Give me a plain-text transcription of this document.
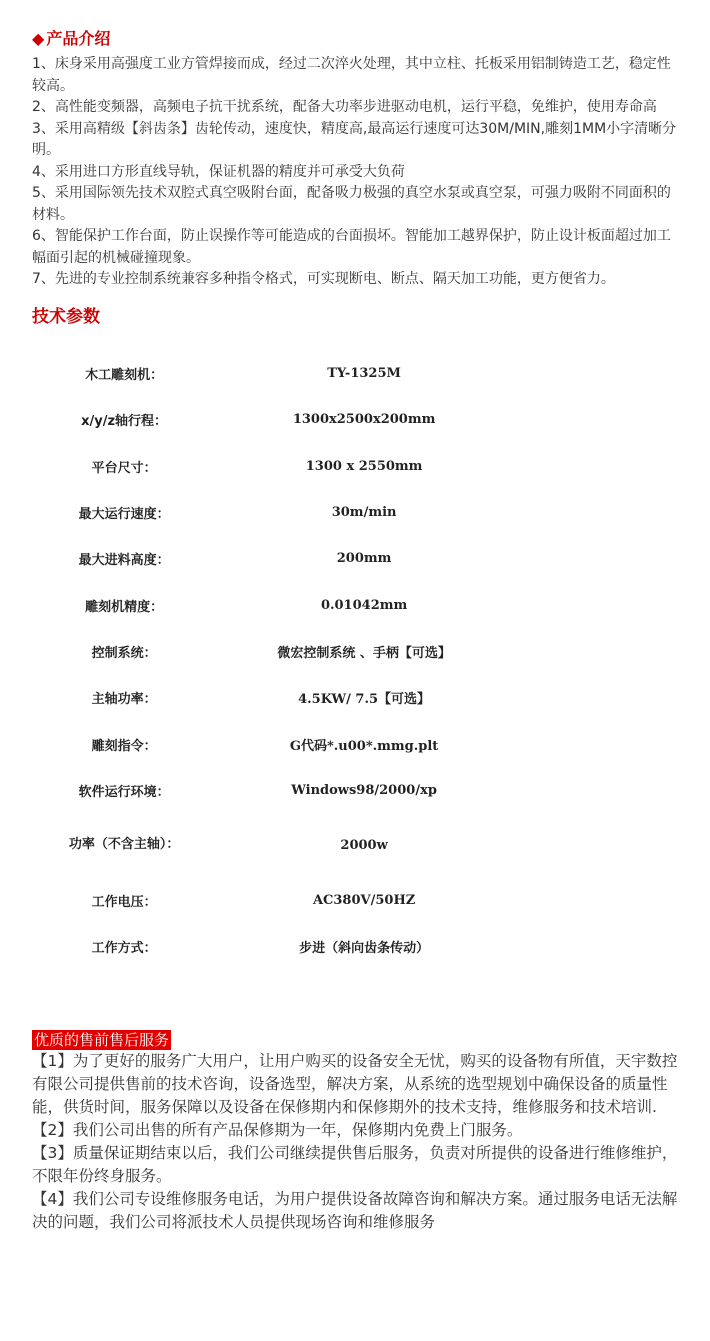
◆ 产品介绍

1、床身采用高强度工业方管焊接而成，经过二次淬火处理，其中立柱、托板采用铝制铸造工艺，稳定性较高。

2、高性能变频器，高频电子抗干扰系统，配备大功率步进驱动电机，运行平稳，免维护，使用寿命高

3、采用高精级【斜齿条】齿轮传动，速度快，精度高,最高运行速度可达30M/MIN,雕刻1MM小字清晰分明。

4、采用进口方形直线导轨，保证机器的精度并可承受大负荷

5、采用国际领先技术双腔式真空吸附台面，配备吸力极强的真空水泵或真空泵，可强力吸附不同面积的材料。

6、智能保护工作台面，防止误操作等可能造成的台面损坏。智能加工越界保护，防止设计板面超过加工幅面引起的机械碰撞现象。

7、先进的专业控制系统兼容多种指令格式，可实现断电、断点、隔天加工功能，更方便省力。

技术参数
木工雕刻机：	TY-1325M
x/y/z轴行程：	1300x2500x200mm
平台尺寸：	1300 x 2550mm
最大运行速度：	30m/min
最大进料高度：	200mm
雕刻机精度：	0.01042mm
控制系统：	微宏控制系统 、手柄【可选】
主轴功率：	4.5KW/ 7.5【可选】
雕刻指令：	G代码*.u00*.mmg.plt
软件运行环境：	Windows98/2000/xp
功率（不含主轴）：	2000w
工作电压：	AC380V/50HZ
工作方式：	步进（斜向齿条传动）
优质的售前售后服务

【1】为了更好的服务广大用户，让用户购买的设备安全无忧，购买的设备物有所值，天宇数控有限公司提供售前的技术咨询，设备选型，解决方案，从系统的选型规划中确保设备的质量性能，供货时间，服务保障以及设备在保修期内和保修期外的技术支持，维修服务和技术培训.

【2】我们公司出售的所有产品保修期为一年，保修期内免费上门服务。

【3】质量保证期结束以后，我们公司继续提供售后服务，负责对所提供的设备进行维修维护，不限年份终身服务。

【4】我们公司专设维修服务电话，为用户提供设备故障咨询和解决方案。通过服务电话无法解决的问题，我们公司将派技术人员提供现场咨询和维修服务
